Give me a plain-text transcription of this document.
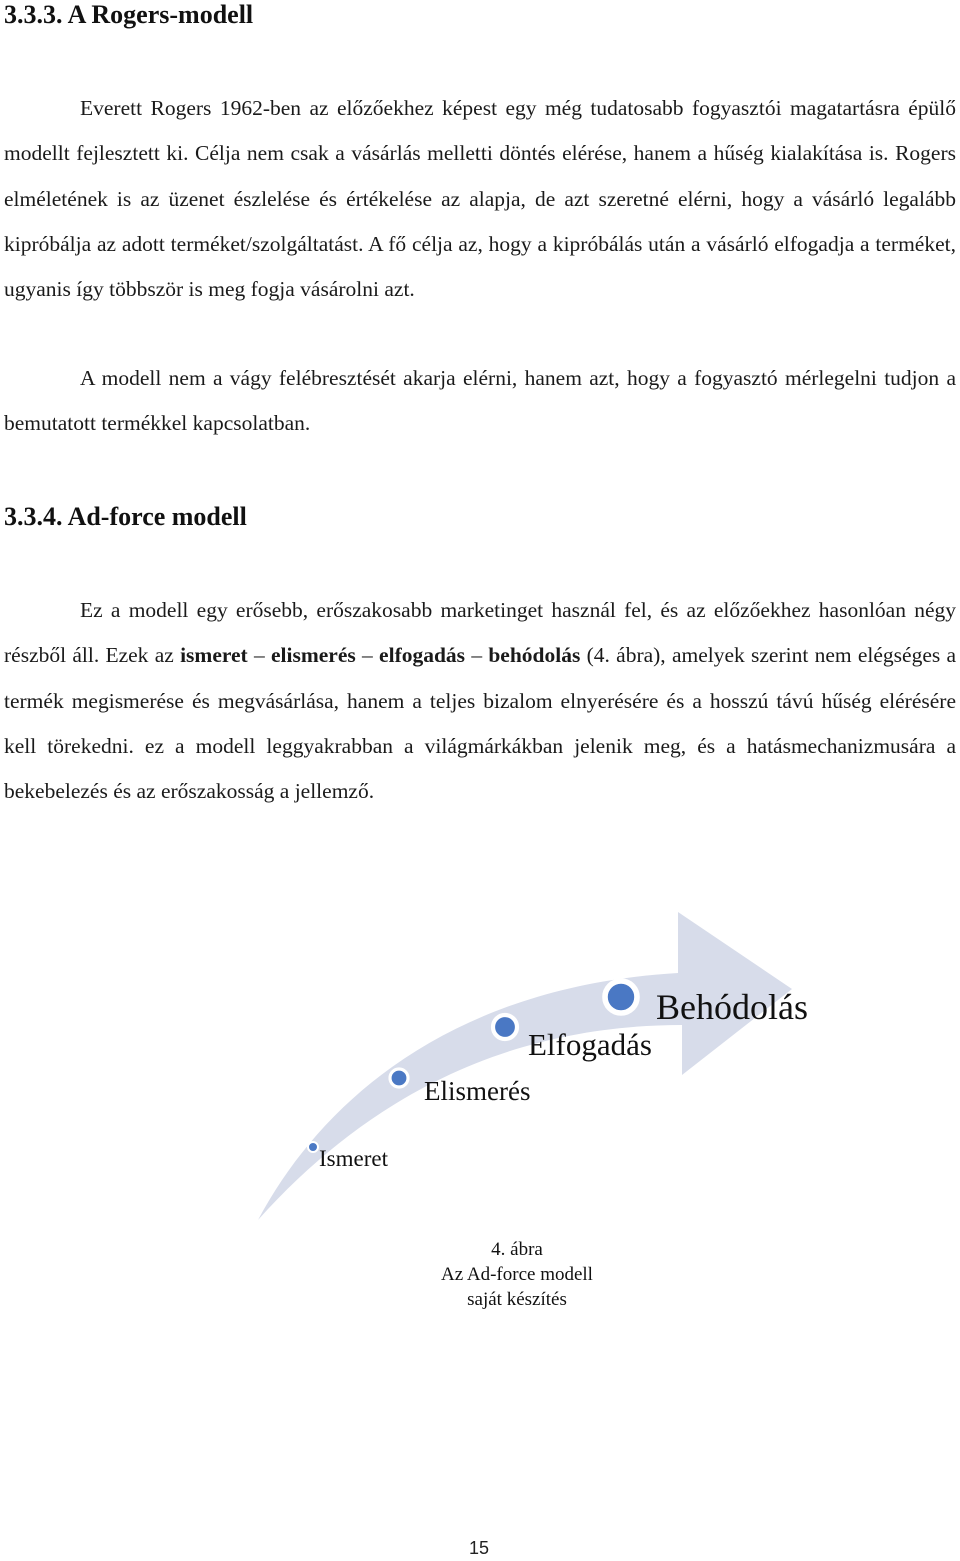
3.3.3. A Rogers-modell

Everett Rogers 1962-ben az előzőekhez képest egy még tudatosabb fogyasztói magatartásra épülő modellt fejlesztett ki. Célja nem csak a vásárlás melletti döntés elérése, hanem a hűség kialakítása is. Rogers elméletének is az üzenet észlelése és értékelése az alapja, de azt szeretné elérni, hogy a vásárló legalább kipróbálja az adott terméket/szolgáltatást. A fő célja az, hogy a kipróbálás után a vásárló elfogadja a terméket, ugyanis így többször is meg fogja vásárolni azt.

A modell nem a vágy felébresztését akarja elérni, hanem azt, hogy a fogyasztó mérlegelni tudjon a bemutatott termékkel kapcsolatban.

3.3.4. Ad-force modell

Ez a modell egy erősebb, erőszakosabb marketinget használ fel, és az előzőekhez hasonlóan négy részből áll. Ezek az ismeret – elismerés – elfogadás – behódolás (4. ábra), amelyek szerint nem elégséges a termék megismerése és megvásárlása, hanem a teljes bizalom elnyerésére és a hosszú távú hűség elérésére kell törekedni. ez a modell leggyakrabban a világmárkákban jelenik meg, és a hatásmechanizmusára a bekebelezés és az erőszakosság a jellemző.

Ismeret
Elismerés
Elfogadás
Behódolás
4. ábra
Az Ad-force modell
saját készítés
15
